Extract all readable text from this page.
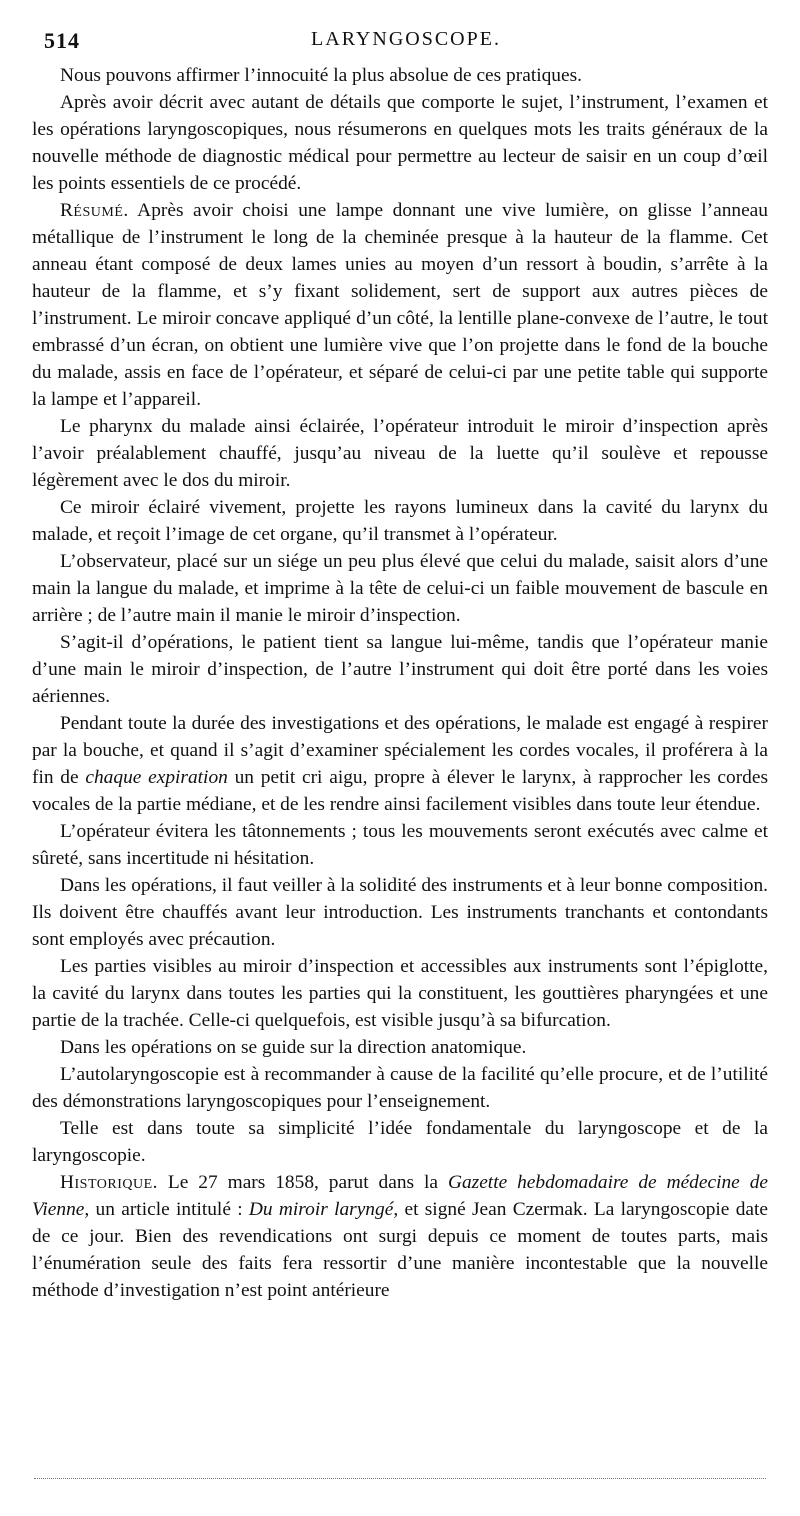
514	LARYNGOSCOPE.

Nous pouvons affirmer l’innocuité la plus absolue de ces pratiques.

Après avoir décrit avec autant de détails que comporte le sujet, l’instrument, l’examen et les opérations laryngoscopiques, nous résumerons en quelques mots les traits généraux de la nouvelle méthode de diagnostic médical pour permettre au lecteur de saisir en un coup d’œil les points essentiels de ce procédé.

Résumé. Après avoir choisi une lampe donnant une vive lumière, on glisse l’anneau métallique de l’instrument le long de la cheminée presque à la hauteur de la flamme. Cet anneau étant composé de deux lames unies au moyen d’un ressort à boudin, s’arrête à la hauteur de la flamme, et s’y fixant solidement, sert de support aux autres pièces de l’instrument. Le miroir concave appliqué d’un côté, la lentille plane-convexe de l’autre, le tout embrassé d’un écran, on obtient une lumière vive que l’on projette dans le fond de la bouche du malade, assis en face de l’opérateur, et séparé de celui-ci par une petite table qui supporte la lampe et l’appareil.

Le pharynx du malade ainsi éclairée, l’opérateur introduit le miroir d’inspection après l’avoir préalablement chauffé, jusqu’au niveau de la luette qu’il soulève et repousse légèrement avec le dos du miroir.

Ce miroir éclairé vivement, projette les rayons lumineux dans la cavité du larynx du malade, et reçoit l’image de cet organe, qu’il transmet à l’opérateur.

L’observateur, placé sur un siége un peu plus élevé que celui du malade, saisit alors d’une main la langue du malade, et imprime à la tête de celui-ci un faible mouvement de bascule en arrière ; de l’autre main il manie le miroir d’inspection.

S’agit-il d’opérations, le patient tient sa langue lui-même, tandis que l’opérateur manie d’une main le miroir d’inspection, de l’autre l’instrument qui doit être porté dans les voies aériennes.

Pendant toute la durée des investigations et des opérations, le malade est engagé à respirer par la bouche, et quand il s’agit d’examiner spécialement les cordes vocales, il proférera à la fin de chaque expiration un petit cri aigu, propre à élever le larynx, à rapprocher les cordes vocales de la partie médiane, et de les rendre ainsi facilement visibles dans toute leur étendue.

L’opérateur évitera les tâtonnements ; tous les mouvements seront exécutés avec calme et sûreté, sans incertitude ni hésitation.

Dans les opérations, il faut veiller à la solidité des instruments et à leur bonne composition. Ils doivent être chauffés avant leur introduction. Les instruments tranchants et contondants sont employés avec précaution.

Les parties visibles au miroir d’inspection et accessibles aux instruments sont l’épiglotte, la cavité du larynx dans toutes les parties qui la constituent, les gouttières pharyngées et une partie de la trachée. Celle-ci quelquefois, est visible jusqu’à sa bifurcation.

Dans les opérations on se guide sur la direction anatomique.

L’autolaryngoscopie est à recommander à cause de la facilité qu’elle procure, et de l’utilité des démonstrations laryngoscopiques pour l’enseignement.

Telle est dans toute sa simplicité l’idée fondamentale du laryngoscope et de la laryngoscopie.

Historique. Le 27 mars 1858, parut dans la Gazette hebdomadaire de médecine de Vienne, un article intitulé : Du miroir laryngé, et signé Jean Czermak. La laryngoscopie date de ce jour. Bien des revendications ont surgi depuis ce moment de toutes parts, mais l’énumération seule des faits fera ressortir d’une manière incontestable que la nouvelle méthode d’investigation n’est point antérieure
